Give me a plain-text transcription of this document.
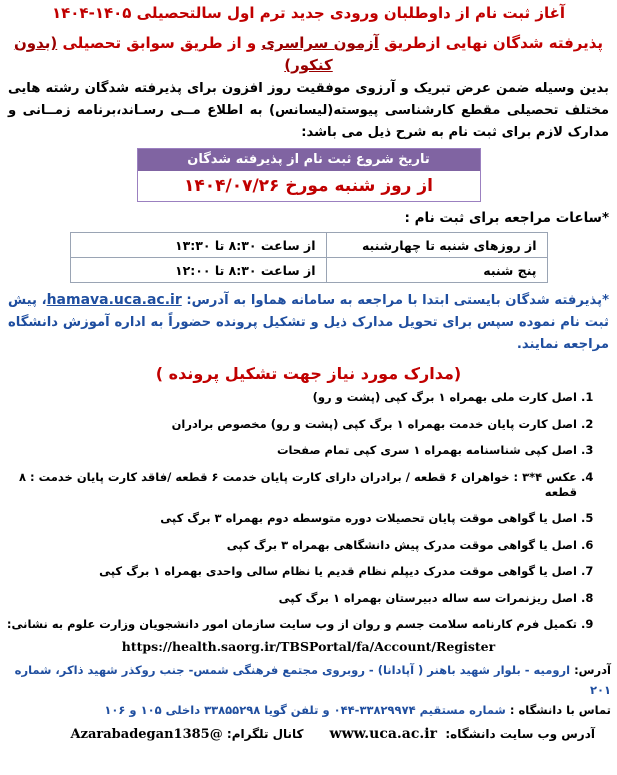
آغاز ثبت نام از داوطلبان ورودی جدید ترم اول سالتحصیلی ۱۴۰۵-۱۴۰۴
پذیرفته شدگان نهایی ازطریق آزمون سراسری و از طریق سوابق تحصیلی (بدون کنکور)
بدین وسیله ضمن عرض تبریک و آرزوی موفقیت روز افزون برای پذیرفته شدگان رشته هایی مختلف تحصیلی مقطع کارشناسی پیوسته(لیسانس) به اطلاع مــی رسـاند،برنامه زمــانی و مدارک لازم برای ثبت نام به شرح ذیل می باشد:
تاریخ شروع ثبت نام از پذیرفته شدگان
از روز شنبه مورخ ۱۴۰۴/۰۷/۲۶
*ساعات مراجعه برای ثبت نام :
از روزهای شنبه تا چهارشنبه	از ساعت ۸:۳۰ تا ۱۳:۳۰
پنج شنبه	از ساعت ۸:۳۰ تا ۱۲:۰۰
*پذیرفته شدگان بایستی ابتدا با مراجعه به سامانه هماوا به آدرس: hamava.uca.ac.ir، پیش ثبت نام نموده سپس برای تحویل مدارک ذیل و تشکیل پرونده حضوراً به اداره آموزش دانشگاه مراجعه نمایند.
(مدارک مورد نیاز جهت تشکیل پرونده )
1. اصل کارت ملی بهمراه ۱ برگ کپی (پشت و رو)
2. اصل کارت پایان خدمت بهمراه ۱ برگ کپی (پشت و رو) مخصوص برادران
3. اصل کپی شناسنامه بهمراه ۱ سری کپی تمام صفحات
4. عکس ۴*۳ : خواهران ۶ قطعه / برادران دارای کارت پایان خدمت ۶ قطعه /فاقد کارت پایان خدمت : ۸ قطعه
5. اصل یا گواهی موقت پایان تحصیلات دوره متوسطه دوم بهمراه ۳ برگ کپی
6. اصل یا گواهی موقت مدرک پیش دانشگاهی بهمراه ۳ برگ کپی
7. اصل یا گواهی موقت مدرک دیپلم نظام قدیم یا نظام سالی واحدی بهمراه ۱ برگ کپی
8. اصل ریزنمرات سه ساله دبیرستان بهمراه ۱ برگ کپی
9. تکمیل فرم کارنامه سلامت جسم و روان از وب سایت سازمان امور دانشجویان وزارت علوم به نشانی:
https://health.saorg.ir/TBSPortal/fa/Account/Register
آدرس: ارومیه - بلوار شهید باهنر ( آپادانا) - روبروی مجتمع فرهنگی شمس- جنب روکذر شهید ذاکر، شماره ۲۰۱
تماس با دانشگاه : شماره مستقیم ۳۳۸۲۹۹۷۴-۰۴۴ و تلفن گویا ۳۳۸۵۵۲۹۸ داخلی ۱۰۵ و ۱۰۶
آدرس وب سایت دانشگاه:  www.uca.ac.ir
کانال تلگرام: @Azarabadegan1385
